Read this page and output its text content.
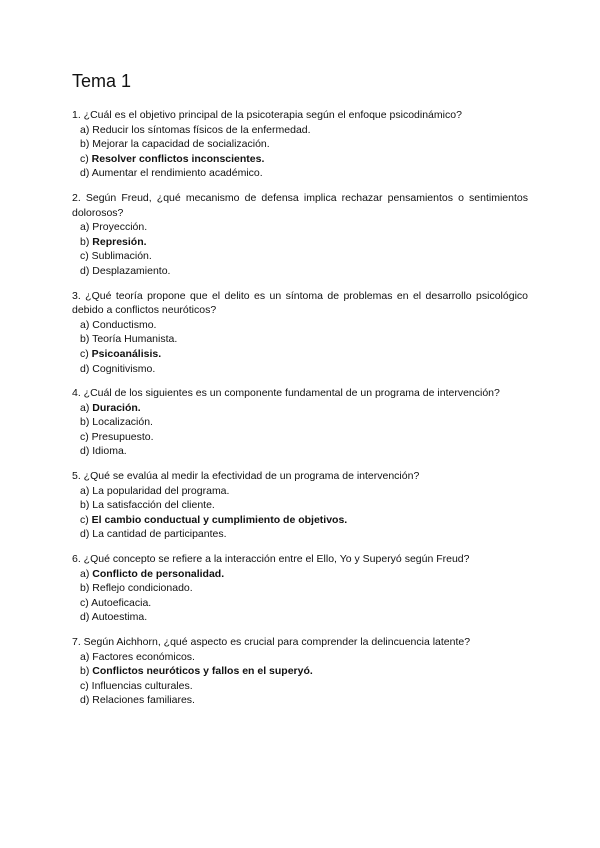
Tema 1

1. ¿Cuál es el objetivo principal de la psicoterapia según el enfoque psicodinámico?

a) Reducir los síntomas físicos de la enfermedad.
b) Mejorar la capacidad de socialización.
c) Resolver conflictos inconscientes.
d) Aumentar el rendimiento académico.

2. Según Freud, ¿qué mecanismo de defensa implica rechazar pensamientos o sentimientos dolorosos?

a) Proyección.
b) Represión.
c) Sublimación.
d) Desplazamiento.

3. ¿Qué teoría propone que el delito es un síntoma de problemas en el desarrollo psicológico debido a conflictos neuróticos?

a) Conductismo.
b) Teoría Humanista.
c) Psicoanálisis.
d) Cognitivismo.

4. ¿Cuál de los siguientes es un componente fundamental de un programa de intervención?

a) Duración.
b) Localización.
c) Presupuesto.
d) Idioma.

5. ¿Qué se evalúa al medir la efectividad de un programa de intervención?

a) La popularidad del programa.
b) La satisfacción del cliente.
c) El cambio conductual y cumplimiento de objetivos.
d) La cantidad de participantes.

6. ¿Qué concepto se refiere a la interacción entre el Ello, Yo y Superyó según Freud?

a) Conflicto de personalidad.
b) Reflejo condicionado.
c) Autoeficacia.
d) Autoestima.

7. Según Aichhorn, ¿qué aspecto es crucial para comprender la delincuencia latente?

a) Factores económicos.
b) Conflictos neuróticos y fallos en el superyó.
c) Influencias culturales.
d) Relaciones familiares.
